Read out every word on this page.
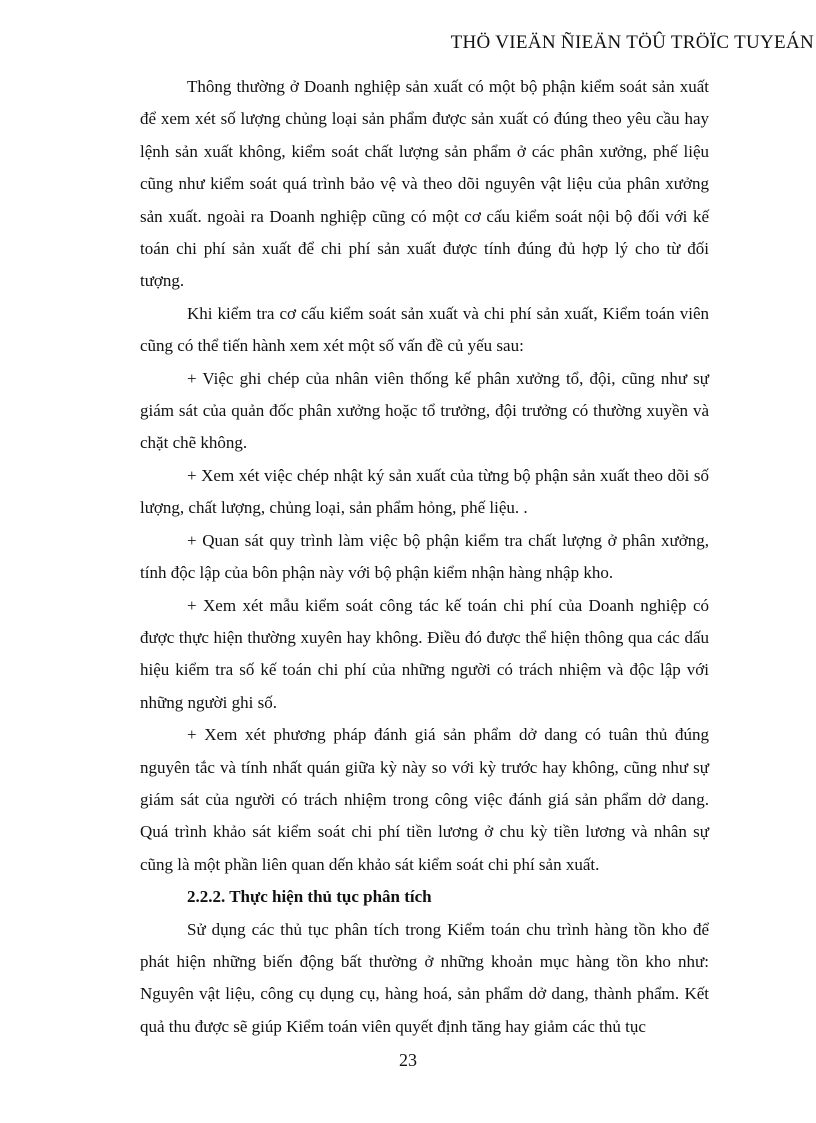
THÖ VIEÄN ÑIEÄN TÖÛ TRÖÏC TUYEÁN

Thông thường ở Doanh nghiệp sản xuất có một bộ phận kiểm soát sản xuất để xem xét số lượng chủng loại sản phẩm được sản xuất có đúng theo yêu cầu hay lệnh sản xuất không, kiểm soát chất lượng sản phẩm ở các phân xưởng, phế liệu cũng như kiểm soát quá trình bảo vệ và theo dõi nguyên vật liệu của phân xưởng sản xuất. ngoài ra Doanh nghiệp cũng có một cơ cấu kiểm soát nội bộ đối với kế toán chi phí sản xuất để chi phí sản xuất được tính đúng đủ hợp lý cho từ đối tượng.

Khi kiểm tra cơ cấu kiểm soát sản xuất và chi phí sản xuất, Kiểm toán viên cũng có thể tiến hành xem xét một số vấn đề củ yếu sau:

+ Việc ghi chép của nhân viên thống kế phân xưởng tổ, đội, cũng như sự giám sát của quản đốc phân xưởng hoặc tổ trưởng, đội trưởng có thường xuyền và chặt chẽ không.

+ Xem xét việc chép nhật ký sản xuất của từng bộ phận sản xuất theo dõi số lượng, chất lượng, chủng loại, sản phẩm hỏng, phế liệu. .

+ Quan sát quy trình làm việc bộ phận kiểm tra chất lượng ở phân xưởng, tính độc lập của bôn phận này với bộ phận kiểm nhận hàng nhập kho.

+ Xem xét mẫu kiểm soát công tác kế toán chi phí của Doanh nghiệp có được thực hiện thường xuyên hay không. Điều đó được thể hiện thông qua các dấu hiệu kiểm tra số kế toán chi phí của những người có trách nhiệm và độc lập với những người ghi số.

+ Xem xét phương pháp đánh giá sản phẩm dở dang có tuân thủ đúng nguyên tắc và tính nhất quán giữa kỳ này so với kỳ trước hay không, cũng như sự giám sát của người có trách nhiệm trong công việc đánh giá sản phẩm dở dang. Quá trình khảo sát kiểm soát chi phí tiền lương ở chu kỳ tiền lương và nhân sự cũng là một phần liên quan dến khảo sát kiểm soát chi phí sản xuất.

2.2.2. Thực hiện thủ tục phân tích

Sử dụng các thủ tục phân tích trong Kiểm toán chu trình hàng tồn kho để phát hiện những biến động bất thường ở những khoản mục hàng tồn kho như: Nguyên vật liệu, công cụ dụng cụ, hàng hoá, sản phẩm dở dang, thành phẩm. Kết quả thu được sẽ giúp Kiểm toán viên quyết định tăng hay giảm các thủ tục

23
